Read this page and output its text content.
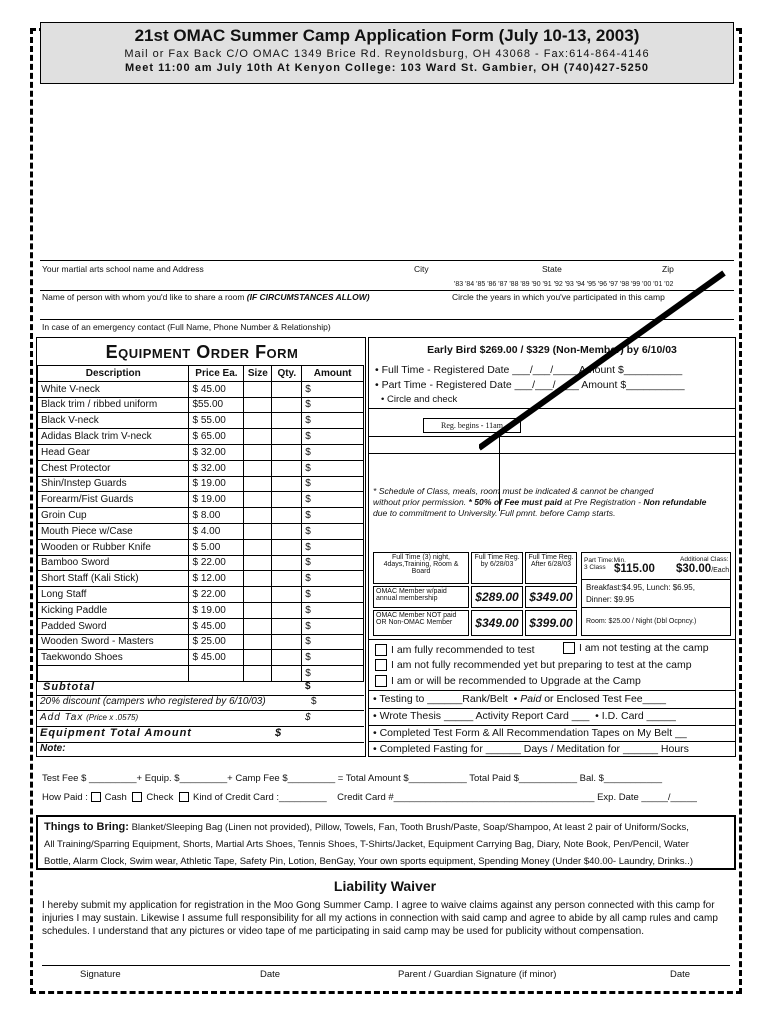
21st OMAC Summer Camp Application Form (July 10-13, 2003)
Mail or Fax Back C/O OMAC 1349 Brice Rd. Reynoldsburg, OH 43068 - Fax:614-864-4146
Meet 11:00 am July 10th At Kenyon College: 103 Ward St. Gambier, OH (740)427-5250
Your martial arts school name and Address	City	State	Zip
'83 '84 '85 '86 '87 '88 '89 '90 '91 '92 '93 '94 '95 '96 '97 '98 '99 '00 '01 '02
Name of person with whom you'd like to share a room (IF CIRCUMSTANCES ALLOW)	Circle the years in which you've participated in this camp
In case of an emergency contact (Full Name, Phone Number & Relationship)
Equipment Order Form
Description	Price Ea.	Size	Qty.	Amount
White V-neck	$ 45.00			$
Black trim / ribbed uniform	$55.00			$
Black V-neck	$ 55.00			$
Adidas Black trim V-neck	$ 65.00			$
Head Gear	$ 32.00			$
Chest Protector	$ 32.00			$
Shin/Instep Guards	$ 19.00			$
Forearm/Fist Guards	$ 19.00			$
Groin Cup	$ 8.00			$
Mouth Piece w/Case	$ 4.00			$
Wooden or Rubber Knife	$ 5.00			$
Bamboo Sword	$ 22.00			$
Short Staff (Kali Stick)	$ 12.00			$
Long Staff	$ 22.00			$
Kicking Paddle	$ 19.00			$
Padded Sword	$ 45.00			$
Wooden Sword - Masters	$ 25.00			$
Taekwondo Shoes	$ 45.00			$
				$
Subtotal	$
20% discount (campers who registered by 6/10/03)	$
Add Tax (Price x .0575)	$
Equipment Total Amount	$
Note:
Early Bird $269.00 / $329 (Non-Member) by 6/10/03
• Full Time - Registered Date ___/___/____ Amount $__________
• Part Time - Registered Date ___/___/____ Amount $__________
• Circle and check
Reg. begins - 11am
* Schedule of Class, meals, room must be indicated & cannot be changed
without prior permission. * 50% of Fee must paid at Pre Registration - Non refundable
due to commitment to University. Full pmnt. before Camp starts.
Full Time (3) night, 4days,Training, Room & Board
Full Time Reg. by 6/28/03
Full Time Reg. After 6/28/03
OMAC Member w/paid annual membership	$289.00 $349.00
OMAC Member NOT paid OR Non-OMAC Member	$349.00 $399.00
Part Time:Min. 3 Class $115.00
Additional Class:
$30.00/Each
Breakfast:$4.95, Lunch: $6.95,
Dinner: $9.95
Room: $25.00 / Night (Dbl Ocpncy.)
I am fully recommended to test	I am not testing at the camp
I am not fully recommended yet but preparing to test at the camp
I am or will be recommended to Upgrade at the Camp
• Testing to ______Rank/Belt  • Paid or Enclosed Test Fee____
• Wrote Thesis _____ Activity Report Card ___  • I.D. Card _____
• Completed Test Form & All Recommendation Tapes on My Belt __
• Completed Fasting for ______ Days / Meditation for ______ Hours
Test Fee $ _________+ Equip. $_________+ Camp Fee $_________ = Total Amount $___________ Total Paid $___________ Bal. $___________
How Paid : Cash Check Kind of Credit Card :_________ Credit Card #______________________________________ Exp. Date _____/_____
Things to Bring: Blanket/Sleeping Bag (Linen not provided), Pillow, Towels, Fan, Tooth Brush/Paste, Soap/Shampoo, At least 2 pair of Uniform/Socks,
All Training/Sparring Equipment, Shorts, Martial Arts Shoes, Tennis Shoes, T-Shirts/Jacket, Equipment Carrying Bag, Diary, Note Book, Pen/Pencil, Water
Bottle, Alarm Clock, Swim wear, Athletic Tape, Safety Pin, Lotion, BenGay, Your own sports equipment, Spending Money (Under $40.00- Laundry, Drinks..)
Liability Waiver
I hereby submit my application for registration in the Moo Gong Summer Camp. I agree to waive claims against any person connected with this camp for injuries I may sustain. Likewise I assume full responsibility for all my actions in connection with said camp and agree to abide by all camp rules and camp schedules. I understand that any pictures or video tape of me participating in said camp may be used for publicity without compensation.
Signature	Date	Parent / Guardian Signature (if minor)	Date
